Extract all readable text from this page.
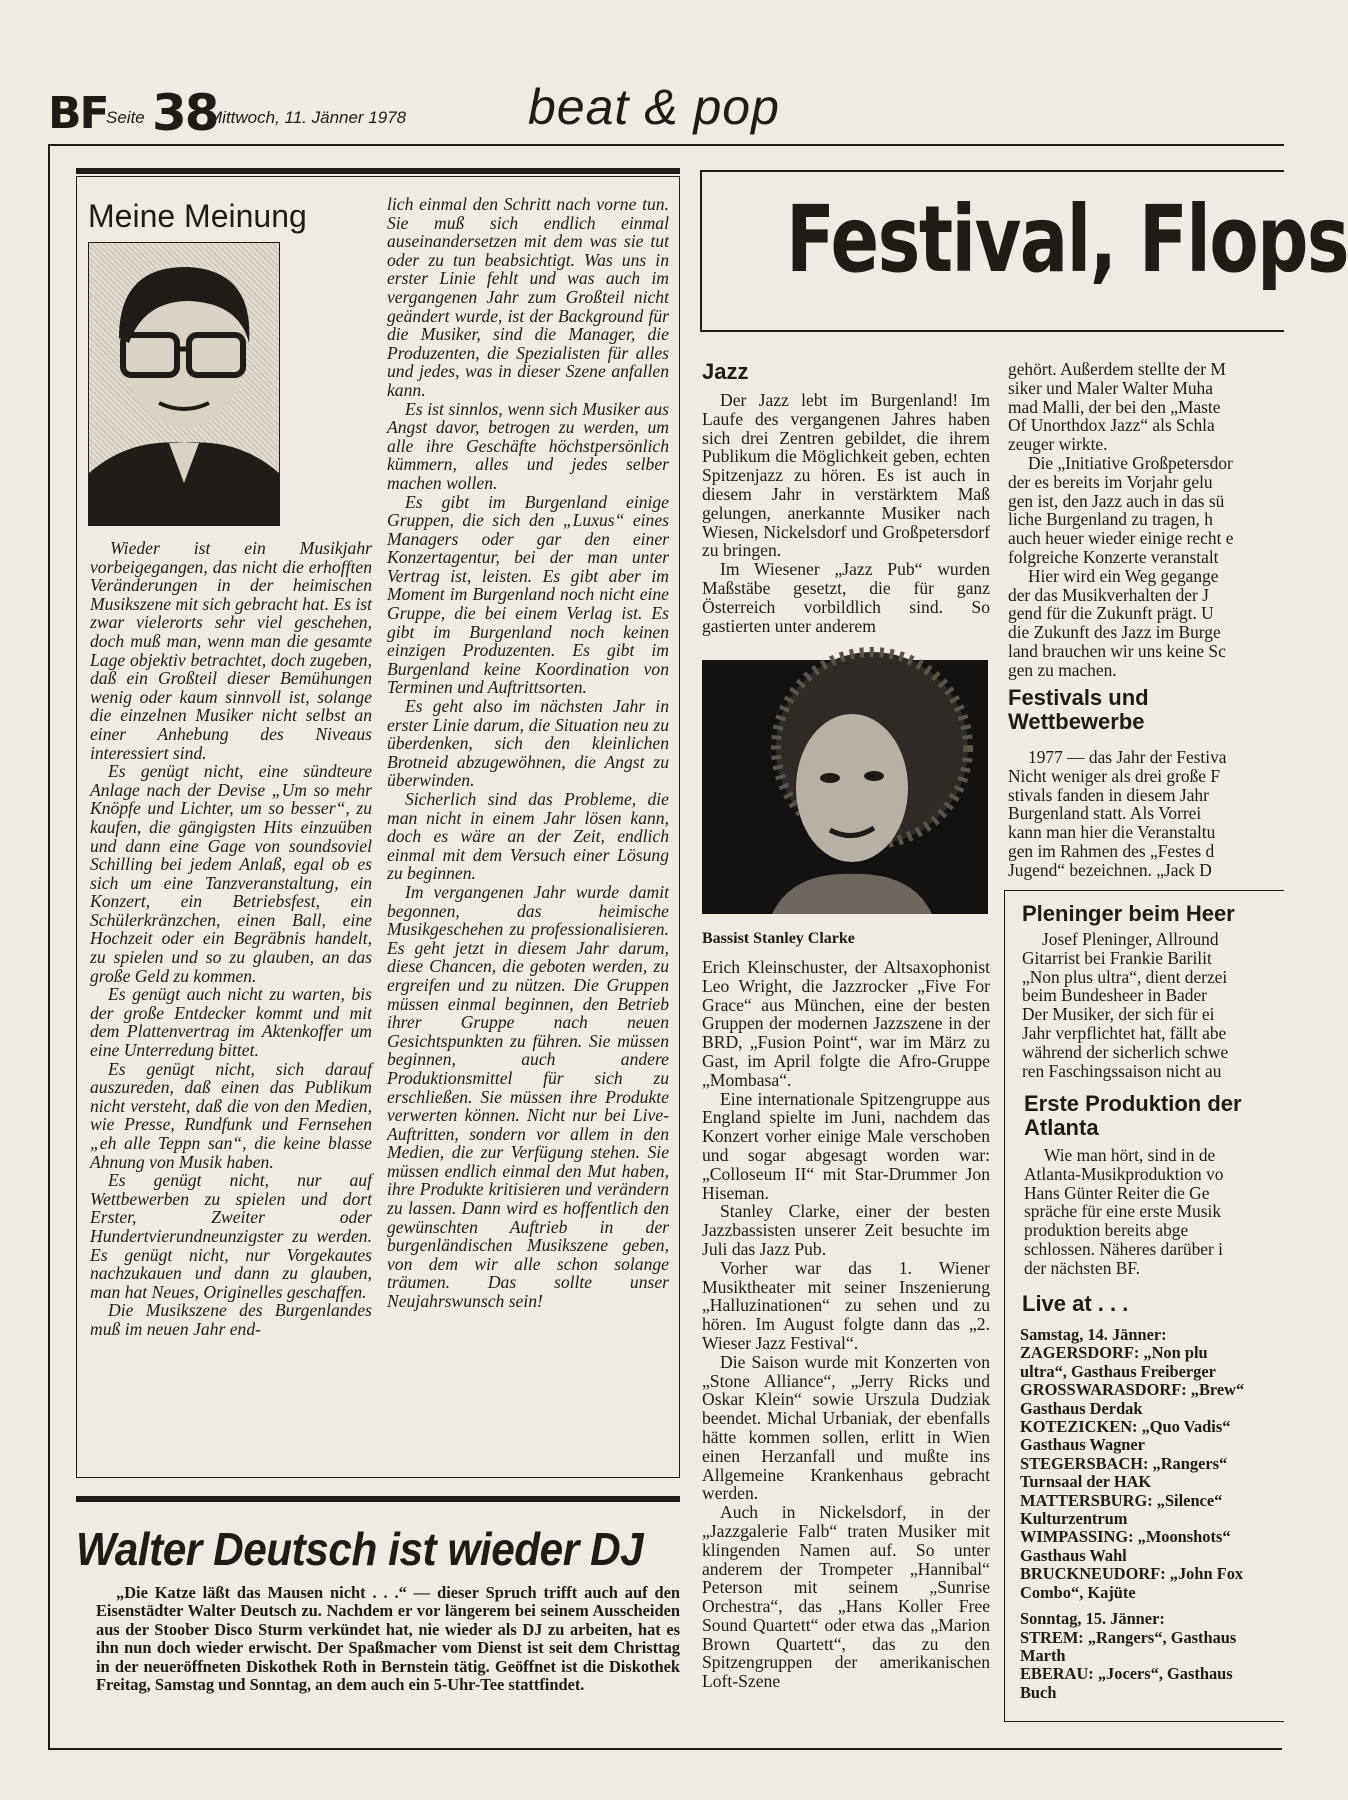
BF
Seite 38
Mittwoch, 11. Jänner 1978 beat & pop
Meine Meinung

Wieder ist ein Musikjahr vorbeigegangen, das nicht die erhofften Veränderungen in der heimischen Musikszene mit sich gebracht hat. Es ist zwar vielerorts sehr viel geschehen, doch muß man, wenn man die gesamte Lage objektiv betrachtet, doch zugeben, daß ein Großteil dieser Bemühungen wenig oder kaum sinnvoll ist, solange die einzelnen Musiker nicht selbst an einer Anhebung des Niveaus interessiert sind.

Es genügt nicht, eine sündteure Anlage nach der Devise „Um so mehr Knöpfe und Lichter, um so besser“, zu kaufen, die gängigsten Hits einzuüben und dann eine Gage von soundsoviel Schilling bei jedem Anlaß, egal ob es sich um eine Tanzveranstaltung, ein Konzert, ein Betriebsfest, ein Schülerkränzchen, einen Ball, eine Hochzeit oder ein Begräbnis handelt, zu spielen und so zu glauben, an das große Geld zu kommen.

Es genügt auch nicht zu warten, bis der große Entdecker kommt und mit dem Plattenvertrag im Aktenkoffer um eine Unterredung bittet.

Es genügt nicht, sich darauf auszureden, daß einen das Publikum nicht versteht, daß die von den Medien, wie Presse, Rundfunk und Fernsehen „eh alle Teppn san“, die keine blasse Ahnung von Musik haben.

Es genügt nicht, nur auf Wettbewerben zu spielen und dort Erster, Zweiter oder Hundertvierundneunzigster zu werden. Es genügt nicht, nur Vorgekautes nachzukauen und dann zu glauben, man hat Neues, Originelles geschaffen.

Die Musikszene des Burgenlandes muß im neuen Jahr end-

lich einmal den Schritt nach vorne tun. Sie muß sich endlich einmal auseinandersetzen mit dem was sie tut oder zu tun beabsichtigt. Was uns in erster Linie fehlt und was auch im vergangenen Jahr zum Großteil nicht geändert wurde, ist der Background für die Musiker, sind die Manager, die Produzenten, die Spezialisten für alles und jedes, was in dieser Szene anfallen kann.

Es ist sinnlos, wenn sich Musiker aus Angst davor, betrogen zu werden, um alle ihre Geschäfte höchstpersönlich kümmern, alles und jedes selber machen wollen.

Es gibt im Burgenland einige Gruppen, die sich den „Luxus“ eines Managers oder gar den einer Konzertagentur, bei der man unter Vertrag ist, leisten. Es gibt aber im Moment im Burgenland noch nicht eine Gruppe, die bei einem Verlag ist. Es gibt im Burgenland noch keinen einzigen Produzenten. Es gibt im Burgenland keine Koordination von Terminen und Auftrittsorten.

Es geht also im nächsten Jahr in erster Linie darum, die Situation neu zu überdenken, sich den kleinlichen Brotneid abzugewöhnen, die Angst zu überwinden.

Sicherlich sind das Probleme, die man nicht in einem Jahr lösen kann, doch es wäre an der Zeit, endlich einmal mit dem Versuch einer Lösung zu beginnen.

Im vergangenen Jahr wurde damit begonnen, das heimische Musikgeschehen zu professionalisieren. Es geht jetzt in diesem Jahr darum, diese Chancen, die geboten werden, zu ergreifen und zu nützen. Die Gruppen müssen einmal beginnen, den Betrieb ihrer Gruppe nach neuen Gesichtspunkten zu führen. Sie müssen beginnen, auch andere Produktionsmittel für sich zu erschließen. Sie müssen ihre Produkte verwerten können. Nicht nur bei Live-Auftritten, sondern vor allem in den Medien, die zur Verfügung stehen. Sie müssen endlich einmal den Mut haben, ihre Produkte kritisieren und verändern zu lassen. Dann wird es hoffentlich den gewünschten Auftrieb in der burgenländischen Musikszene geben, von dem wir alle schon solange träumen. Das sollte unser Neujahrswunsch sein!

Walter Deutsch ist wieder DJ

„Die Katze läßt das Mausen nicht . . .“ — dieser Spruch trifft auch auf den Eisenstädter Walter Deutsch zu. Nachdem er vor längerem bei seinem Ausscheiden aus der Stoober Disco Sturm verkündet hat, nie wieder als DJ zu arbeiten, hat es ihn nun doch wieder erwischt. Der Spaßmacher vom Dienst ist seit dem Christtag in der neueröffneten Diskothek Roth in Bernstein tätig. Geöffnet ist die Diskothek Freitag, Samstag und Sonntag, an dem auch ein 5-Uhr-Tee stattfindet.

Festival, Flops
Jazz

Der Jazz lebt im Burgenland! Im Laufe des vergangenen Jahres haben sich drei Zentren gebildet, die ihrem Publikum die Möglichkeit geben, echten Spitzenjazz zu hören. Es ist auch in diesem Jahr in verstärktem Maß gelungen, anerkannte Musiker nach Wiesen, Nickelsdorf und Großpetersdorf zu bringen.

Im Wiesener „Jazz Pub“ wurden Maßstäbe gesetzt, die für ganz Österreich vorbildlich sind. So gastierten unter anderem

Bassist Stanley Clarke

Erich Kleinschuster, der Altsaxophonist Leo Wright, die Jazzrocker „Five For Grace“ aus München, eine der besten Gruppen der modernen Jazzszene in der BRD, „Fusion Point“, war im März zu Gast, im April folgte die Afro-Gruppe „Mombasa“.

Eine internationale Spitzengruppe aus England spielte im Juni, nachdem das Konzert vorher einige Male verschoben und sogar abgesagt worden war: „Colloseum II“ mit Star-Drummer Jon Hiseman.

Stanley Clarke, einer der besten Jazzbassisten unserer Zeit besuchte im Juli das Jazz Pub.

Vorher war das 1. Wiener Musiktheater mit seiner Inszenierung „Halluzinationen“ zu sehen und zu hören. Im August folgte dann das „2. Wieser Jazz Festival“.

Die Saison wurde mit Konzerten von „Stone Alliance“, „Jerry Ricks und Oskar Klein“ sowie Urszula Dudziak beendet. Michal Urbaniak, der ebenfalls hätte kommen sollen, erlitt in Wien einen Herzanfall und mußte ins Allgemeine Krankenhaus gebracht werden.

Auch in Nickelsdorf, in der „Jazzgalerie Falb“ traten Musiker mit klingenden Namen auf. So unter anderem der Trompeter „Hannibal“ Peterson mit seinem „Sunrise Orchestra“, das „Hans Koller Free Sound Quartett“ oder etwa das „Marion Brown Quartett“, das zu den Spitzengruppen der amerikanischen Loft-Szene

gehört. Außerdem stellte der M
siker und Maler Walter Muha
mad Malli, der bei den „Maste
Of Unorthdox Jazz“ als Schla
zeuger wirkte.
Die „Initiative Großpetersdor
der es bereits im Vorjahr gelu
gen ist, den Jazz auch in das sü
liche Burgenland zu tragen, h
auch heuer wieder einige recht e
folgreiche Konzerte veranstalt
Hier wird ein Weg gegange
der das Musikverhalten der J
gend für die Zukunft prägt. U
die Zukunft des Jazz im Burge
land brauchen wir uns keine Sc
gen zu machen.
Festivals und Wettbewerbe
1977 — das Jahr der Festiva
Nicht weniger als drei große F
stivals fanden in diesem Jahr
Burgenland statt. Als Vorrei
kann man hier die Veranstaltu
gen im Rahmen des „Festes d
Jugend“ bezeichnen. „Jack D
Pleninger beim Heer
Josef Pleninger, Allround
Gitarrist bei Frankie Barilit
„Non plus ultra“, dient derzei
beim Bundesheer in Bader
Der Musiker, der sich für ei
Jahr verpflichtet hat, fällt abe
während der sicherlich schwe
ren Faschingssaison nicht au
Erste Produktion der Atlanta
Wie man hört, sind in de
Atlanta-Musikproduktion vo
Hans Günter Reiter die Ge
spräche für eine erste Musik
produktion bereits abge
schlossen. Näheres darüber i
der nächsten BF.
Live at . . .
Samstag, 14. Jänner:
ZAGERSDORF: „Non plu
ultra“, Gasthaus Freiberger
GROSSWARASDORF: „Brew“
Gasthaus Derdak
KOTEZICKEN: „Quo Vadis“
Gasthaus Wagner
STEGERSBACH: „Rangers“
Turnsaal der HAK
MATTERSBURG: „Silence“
Kulturzentrum
WIMPASSING: „Moonshots“
Gasthaus Wahl
BRUCKNEUDORF: „John Fox
Combo“, Kajüte
Sonntag, 15. Jänner:
STREM: „Rangers“, Gasthaus
Marth
EBERAU: „Jocers“, Gasthaus
Buch
